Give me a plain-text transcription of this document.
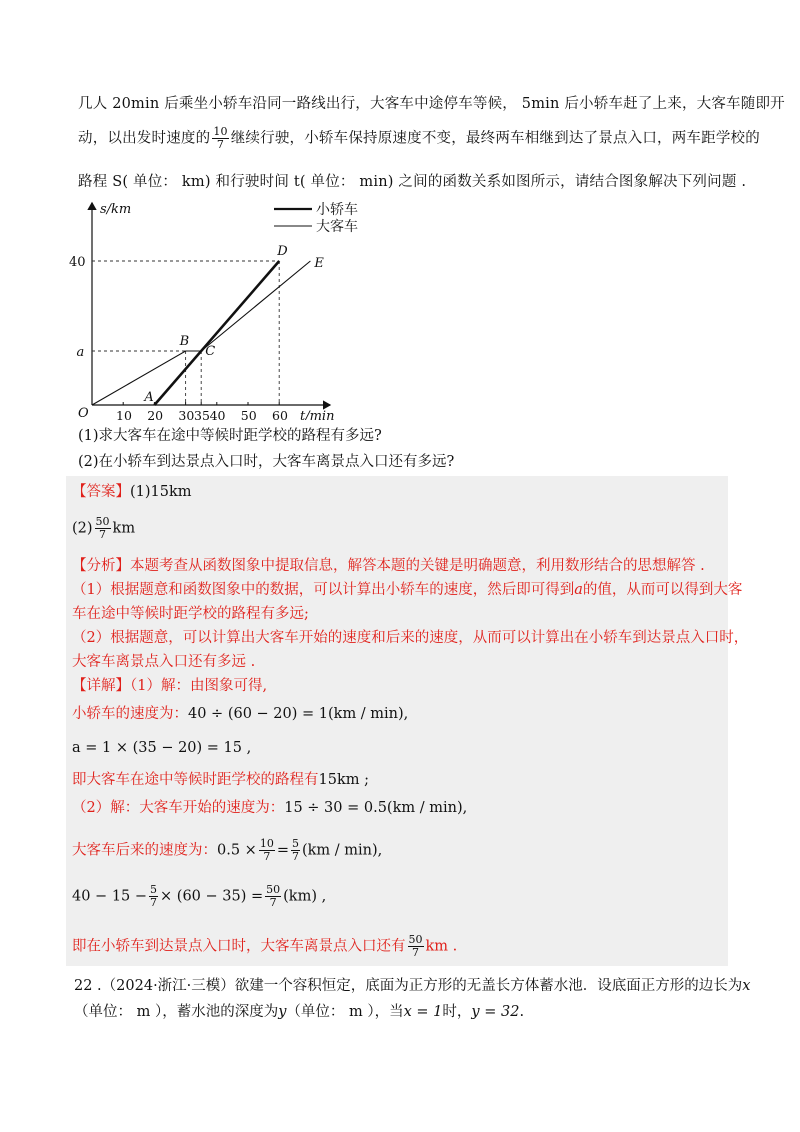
几人 20min 后乘坐小轿车沿同一路线出行，大客车中途停车等候， 5min 后小轿车赶了上来，大客车随即开
动，以出发时速度的 $\frac{10}{7}$ 继续行驶，小轿车保持原速度不变，最终两车相继到达了景点入口，两车距学校的
路程 S( 单位： km) 和行驶时间 t( 单位： min) 之间的函数关系如图所示，请结合图象解决下列问题 .
t/min
s/km
O 10 20 30 35 40 50 60
a
40
A
B
C
D
E
小轿车
大客车
(1)求大客车在途中等候时距学校的路程有多远?
(2)在小轿车到达景点入口时，大客车离景点入口还有多远?
【答案】(1)15km
$(2) \frac{50}{7}$ km
【分析】本题考查从函数图象中提取信息，解答本题的关键是明确题意，利用数形结合的思想解答 .
（1）根据题意和函数图象中的数据，可以计算出小轿车的速度，然后即可得到a的值，从而可以得到大客
车在途中等候时距学校的路程有多远;
（2）根据题意，可以计算出大客车开始的速度和后来的速度，从而可以计算出在小轿车到达景点入口时，
大客车离景点入口还有多远 .
【详解】（1）解：由图象可得,
小轿车的速度为：40 ÷ (60 − 20) = 1(km / min),
a = 1 × (35 − 20) = 15 ,
即大客车在途中等候时距学校的路程有15km ;
（2）解：大客车开始的速度为：15 ÷ 30 = 0.5(km / min),
大客车后来的速度为：$0.5 \times \frac{10}{7} = \frac{5}{7} (km / \min)$,
$40 - 15 - \frac{5}{7} \times (60 - 35) = \frac{50}{7} (km)$ ,
即在小轿车到达景点入口时，大客车离景点入口还有 $\frac{50}{7}$ km .
22 .（2024·浙江·三模）欲建一个容积恒定，底面为正方形的无盖长方体蓄水池．设底面正方形的边长为x
（单位： m ），蓄水池的深度为y（单位： m ），当x = 1时，y = 32.
